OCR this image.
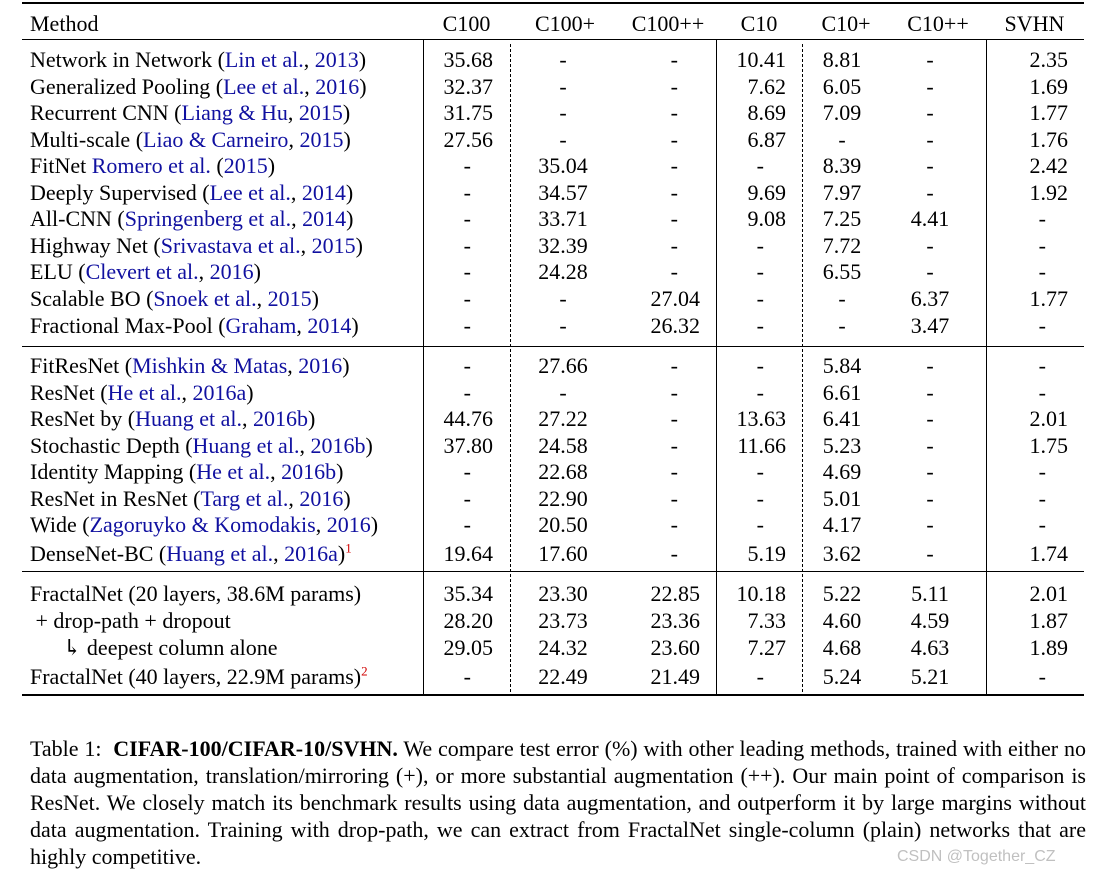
Method	C100	C100+	C100++	C10	C10+	C10++	SVHN
Network in Network (Lin et al., 2013)	35.68	-	-	10.41	8.81	-	2.35
Generalized Pooling (Lee et al., 2016)	32.37	-	-	7.62	6.05	-	1.69
Recurrent CNN (Liang & Hu, 2015)	31.75	-	-	8.69	7.09	-	1.77
Multi-scale (Liao & Carneiro, 2015)	27.56	-	-	6.87	-	-	1.76
FitNet Romero et al. (2015)	-	35.04	-	-	8.39	-	2.42
Deeply Supervised (Lee et al., 2014)	-	34.57	-	9.69	7.97	-	1.92
All-CNN (Springenberg et al., 2014)	-	33.71	-	9.08	7.25	4.41	-
Highway Net (Srivastava et al., 2015)	-	32.39	-	-	7.72	-	-
ELU (Clevert et al., 2016)	-	24.28	-	-	6.55	-	-
Scalable BO (Snoek et al., 2015)	-	-	27.04	-	-	6.37	1.77
Fractional Max-Pool (Graham, 2014)	-	-	26.32	-	-	3.47	-
FitResNet (Mishkin & Matas, 2016)	-	27.66	-	-	5.84	-	-
ResNet (He et al., 2016a)	-	-	-	-	6.61	-	-
ResNet by (Huang et al., 2016b)	44.76	27.22	-	13.63	6.41	-	2.01
Stochastic Depth (Huang et al., 2016b)	37.80	24.58	-	11.66	5.23	-	1.75
Identity Mapping (He et al., 2016b)	-	22.68	-	-	4.69	-	-
ResNet in ResNet (Targ et al., 2016)	-	22.90	-	-	5.01	-	-
Wide (Zagoruyko & Komodakis, 2016)	-	20.50	-	-	4.17	-	-
DenseNet-BC (Huang et al., 2016a)$^1$	19.64	17.60	-	5.19	3.62	-	1.74
FractalNet (20 layers, 38.6M params)	35.34	23.30	22.85	10.18	5.22	5.11	2.01
+ drop-path + dropout	28.20	23.73	23.36	7.33	4.60	4.59	1.87
↳ deepest column alone	29.05	24.32	23.60	7.27	4.68	4.63	1.89
FractalNet (40 layers, 22.9M params)$^2$	-	22.49	21.49	-	5.24	5.21	-
Table 1: CIFAR-100/CIFAR-10/SVHN. We compare test error (%) with other leading methods, trained with either no data augmentation, translation/mirroring (+), or more substantial augmentation (++). Our main point of comparison is ResNet. We closely match its benchmark results using data augmentation, and outperform it by large margins without data augmentation. Training with drop-path, we can extract from FractalNet single-column (plain) networks that are highly competitive.	CSDN @Together_CZ
